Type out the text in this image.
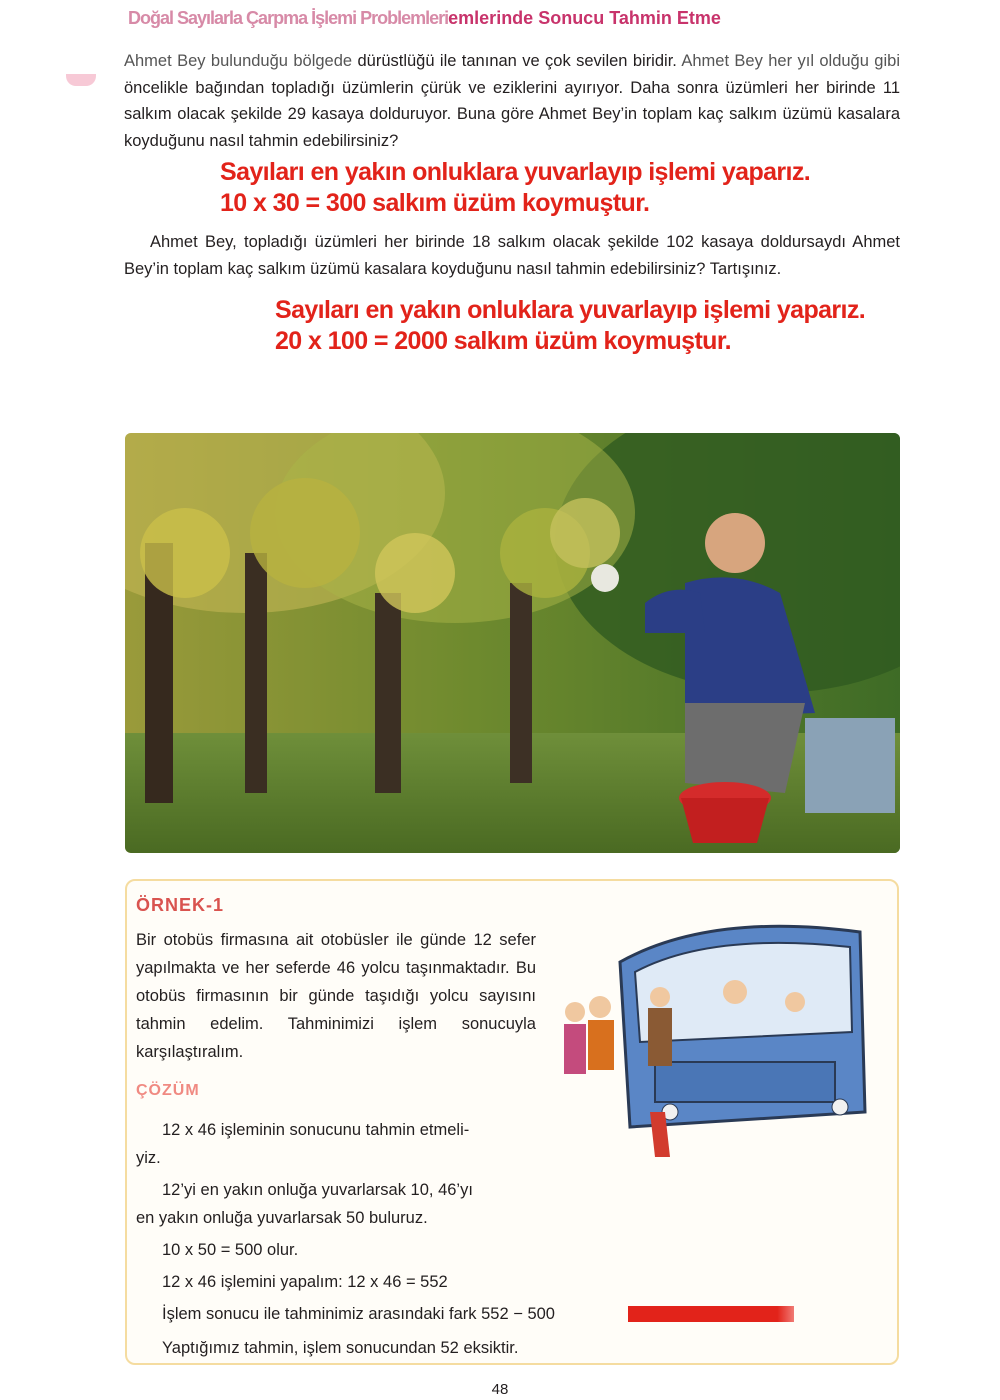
Doğal Sayılarla Çarpma İşlemi Problemleriemlerinde Sonucu Tahmin Etme

Ahmet Bey bulunduğu bölgede dürüstlüğü ile tanınan ve çok sevilen biridir. Ahmet Bey her yıl olduğu gibi öncelikle bağından topladığı üzümlerin çürük ve eziklerini ayırıyor. Daha sonra üzümleri her birinde 11 salkım olacak şekilde 29 kasaya dolduruyor. Buna göre Ahmet Bey’in toplam kaç salkım üzümü kasalara koyduğunu nasıl tahmin edebilirsiniz?

Sayıları en yakın onluklara yuvarlayıp işlemi yaparız.
10 x 30 = 300 salkım üzüm koymuştur.

Ahmet Bey, topladığı üzümleri her birinde 18 salkım olacak şekilde 102 kasaya doldursaydı Ahmet Bey’in toplam kaç salkım üzümü kasalara koyduğunu nasıl tahmin edebilirsiniz? Tartışınız.

Sayıları en yakın onluklara yuvarlayıp işlemi yaparız.
20 x 100 = 2000 salkım üzüm koymuştur.
ÖRNEK-1

Bir otobüs firmasına ait otobüsler ile günde 12 sefer yapılmakta ve her seferde 46 yolcu taşınmaktadır. Bu otobüs firmasının bir günde taşıdığı yolcu sayısını tahmin edelim. Tahminimizi işlem sonucuyla karşılaştıralım.

ÇÖZÜM

12 x 46 işleminin sonucunu tahmin etmeli-

yiz.

12’yi en yakın onluğa yuvarlarsak 10, 46’yı

en yakın onluğa yuvarlarsak 50 buluruz.

10 x 50 = 500 olur.

12 x 46 işlemini yapalım: 12 x 46 = 552

İşlem sonucu ile tahminimiz arasındaki fark 552 − 500

Yaptığımız tahmin, işlem sonucundan 52 eksiktir.

48
